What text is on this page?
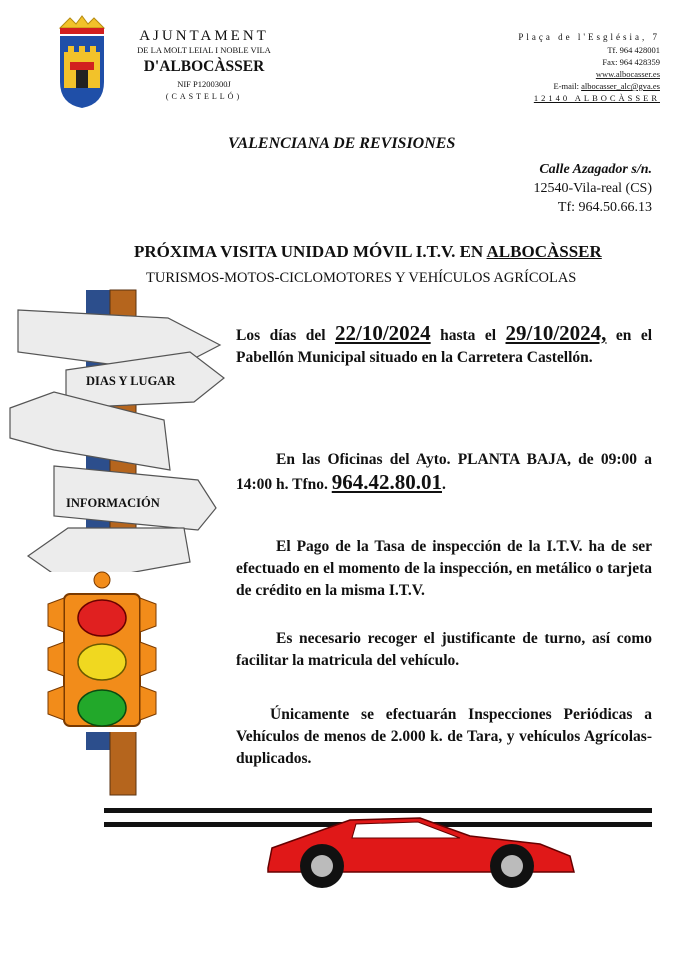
AJUNTAMENT
DE LA MOLT LEIAL I NOBLE VILA
D'ALBOCÀSSER
NIF P1200300J
(CASTELLÓ)
Plaça de l'Església, 7
Tf. 964 428001
Fax: 964 428359
www.albocasser.es
E-mail: albocasser_alc@gva.es
12140 ALBOCÀSSER
VALENCIANA DE REVISIONES
Calle Azagador s/n.
12540-Vila-real (CS)
Tf: 964.50.66.13
PRÓXIMA VISITA UNIDAD MÓVIL I.T.V. EN ALBOCÀSSER
TURISMOS-MOTOS-CICLOMOTORES Y VEHÍCULOS AGRÍCOLAS
DIAS Y LUGAR
INFORMACIÓN
Los días del 22/10/2024 hasta el 29/10/2024, en el Pabellón Municipal situado en la Carretera Castellón.
En las Oficinas del Ayto. PLANTA BAJA, de 09:00 a 14:00 h. Tfno. 964.42.80.01.
El Pago de la Tasa de inspección de la I.T.V. ha de ser efectuado en el momento de la inspección, en metálico o tarjeta de crédito en la misma I.T.V.
Es necesario recoger el justificante de turno, así como facilitar la matricula del vehículo.
Únicamente se efectuarán Inspecciones Periódicas a Vehículos de menos de 2.000 k. de Tara, y vehículos Agrícolas-duplicados.
